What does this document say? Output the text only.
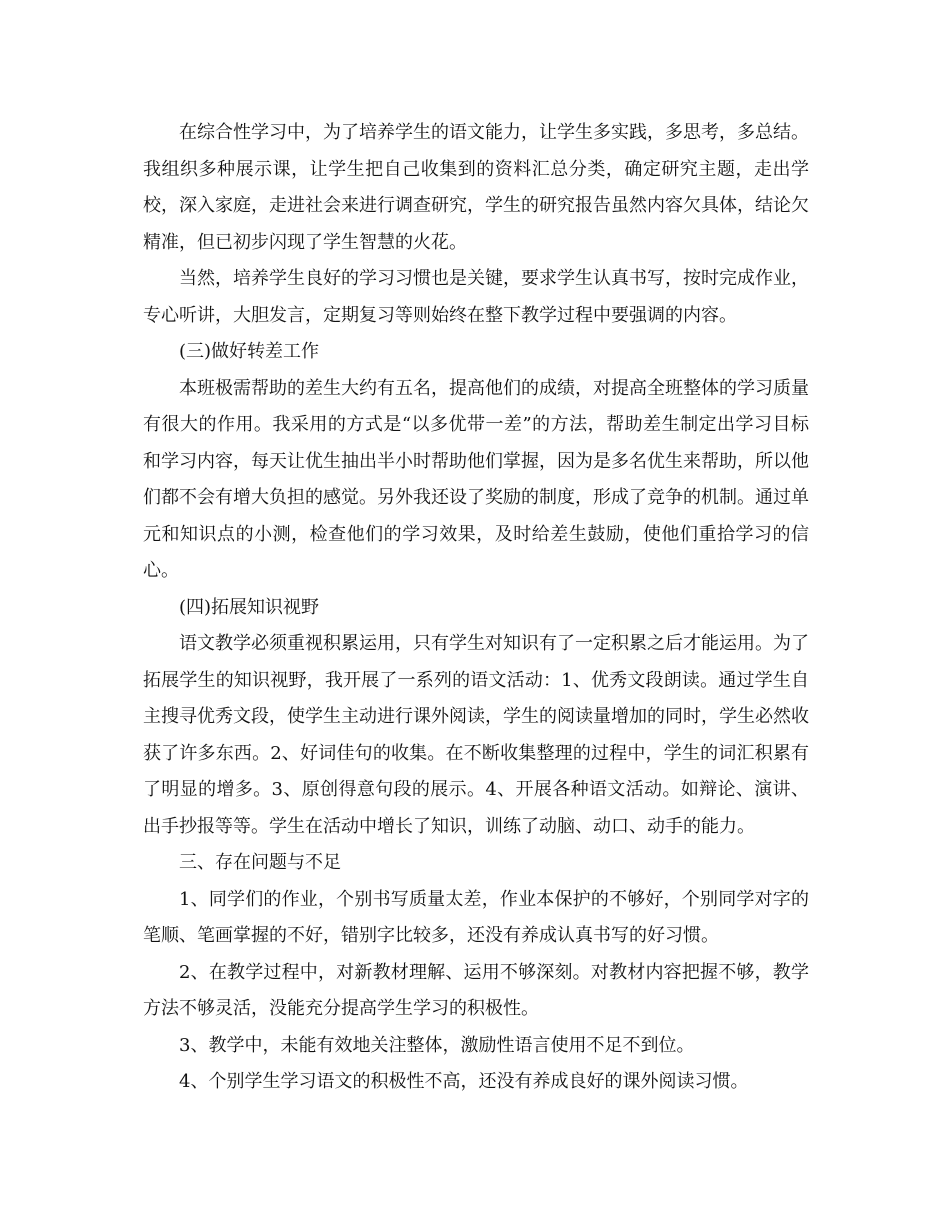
在综合性学习中，为了培养学生的语文能力，让学生多实践，多思考，多总结。我组织多种展示课，让学生把自己收集到的资料汇总分类，确定研究主题，走出学校，深入家庭，走进社会来进行调查研究，学生的研究报告虽然内容欠具体，结论欠精准，但已初步闪现了学生智慧的火花。

当然，培养学生良好的学习习惯也是关键，要求学生认真书写，按时完成作业，专心听讲，大胆发言，定期复习等则始终在整下教学过程中要强调的内容。

(三)做好转差工作

本班极需帮助的差生大约有五名，提高他们的成绩，对提高全班整体的学习质量有很大的作用。我采用的方式是“以多优带一差”的方法，帮助差生制定出学习目标和学习内容，每天让优生抽出半小时帮助他们掌握，因为是多名优生来帮助，所以他们都不会有增大负担的感觉。另外我还设了奖励的制度，形成了竞争的机制。通过单元和知识点的小测，检查他们的学习效果，及时给差生鼓励，使他们重拾学习的信心。

(四)拓展知识视野

语文教学必须重视积累运用，只有学生对知识有了一定积累之后才能运用。为了拓展学生的知识视野，我开展了一系列的语文活动：1、优秀文段朗读。通过学生自主搜寻优秀文段，使学生主动进行课外阅读，学生的阅读量增加的同时，学生必然收获了许多东西。2、好词佳句的收集。在不断收集整理的过程中，学生的词汇积累有了明显的增多。3、原创得意句段的展示。4、开展各种语文活动。如辩论、演讲、出手抄报等等。学生在活动中增长了知识，训练了动脑、动口、动手的能力。

三、存在问题与不足

1、同学们的作业，个别书写质量太差，作业本保护的不够好，个别同学对字的笔顺、笔画掌握的不好，错别字比较多，还没有养成认真书写的好习惯。

2、在教学过程中，对新教材理解、运用不够深刻。对教材内容把握不够，教学方法不够灵活，没能充分提高学生学习的积极性。

3、教学中，未能有效地关注整体，激励性语言使用不足不到位。

4、个别学生学习语文的积极性不高，还没有养成良好的课外阅读习惯。
